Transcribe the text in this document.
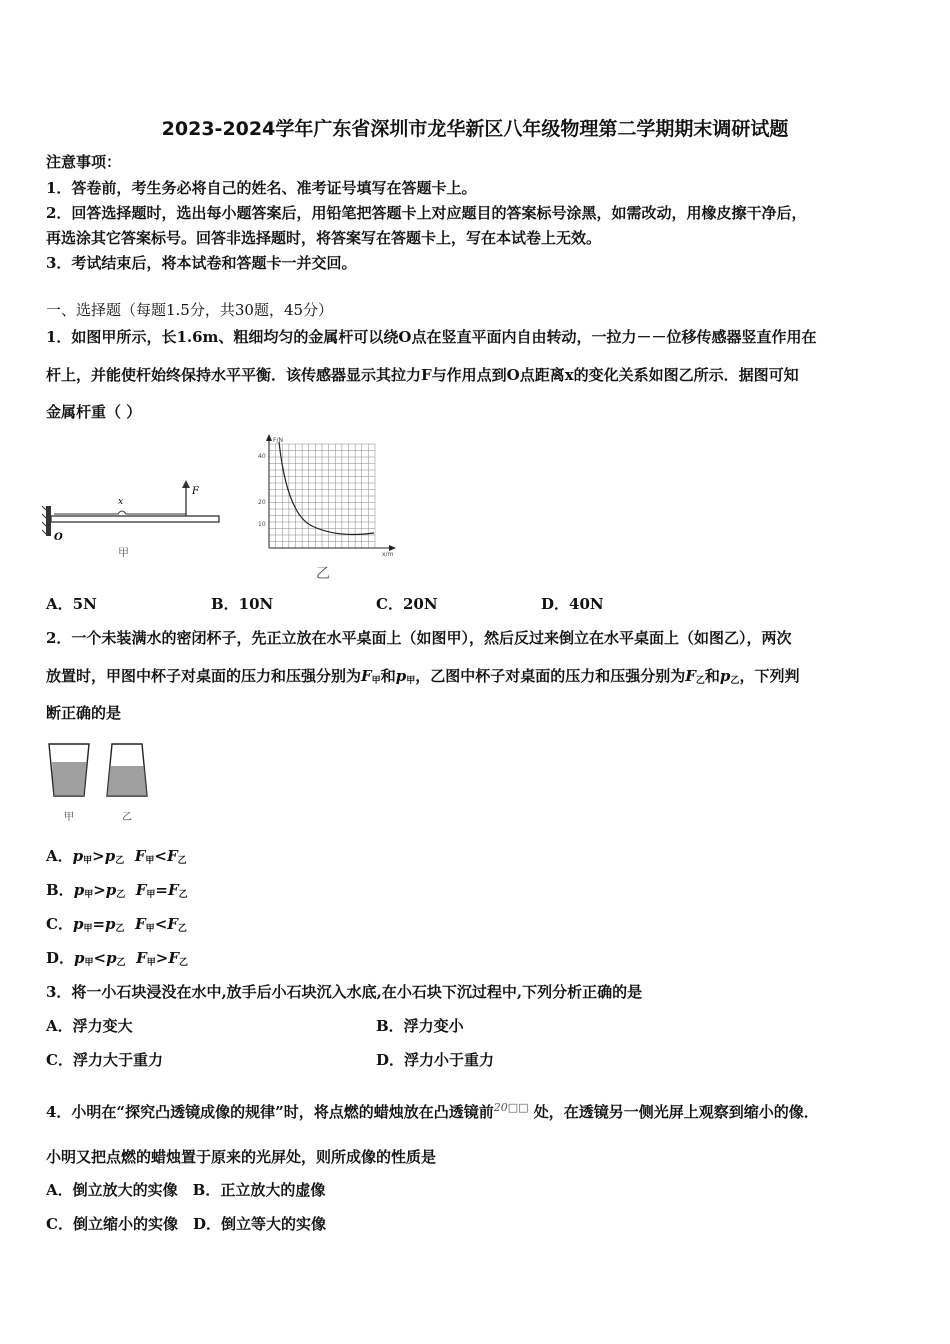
2023-2024学年广东省深圳市龙华新区八年级物理第二学期期末调研试题
注意事项：
1．答卷前，考生务必将自己的姓名、准考证号填写在答题卡上。
2．回答选择题时，选出每小题答案后，用铅笔把答题卡上对应题目的答案标号涂黑，如需改动，用橡皮擦干净后，
再选涂其它答案标号。回答非选择题时，将答案写在答题卡上，写在本试卷上无效。
3．考试结束后，将本试卷和答题卡一并交回。
一、选择题（每题1.5分，共30题，45分）
1．如图甲所示，长1.6m、粗细均匀的金属杆可以绕O点在竖直平面内自由转动，一拉力－－位移传感器竖直作用在
杆上，并能使杆始终保持水平平衡．该传感器显示其拉力F与作用点到O点距离x的变化关系如图乙所示．据图可知
金属杆重（ ）
F
x
O
甲
F/N
x/m
40
20
10
乙
A．5N	B．10N	C．20N	D．40N
2．一个未装满水的密闭杯子，先正立放在水平桌面上（如图甲），然后反过来倒立在水平桌面上（如图乙），两次
放置时，甲图中杯子对桌面的压力和压强分别为$F_甲$和$p_甲$，乙图中杯子对桌面的压力和压强分别为$F_乙$和$p_乙$，下列判
断正确的是
甲	乙
A．$p_甲>p_乙$ $F_甲<F_乙$
B．$p_甲>p_乙$ $F_甲=F_乙$
C．$p_甲=p_乙$ $F_甲<F_乙$
D．$p_甲<p_乙$ $F_甲>F_乙$
3．将一小石块浸没在水中,放手后小石块沉入水底,在小石块下沉过程中,下列分析正确的是
A．浮力变大	B．浮力变小
C．浮力大于重力	D．浮力小于重力
4．小明在“探究凸透镜成像的规律”时，将点燃的蜡烛放在凸透镜前$^{20□□}$ 处，在透镜另一侧光屏上观察到缩小的像．
小明又把点燃的蜡烛置于原来的光屏处，则所成像的性质是
A．倒立放大的实像　B．正立放大的虚像
C．倒立缩小的实像　D．倒立等大的实像
